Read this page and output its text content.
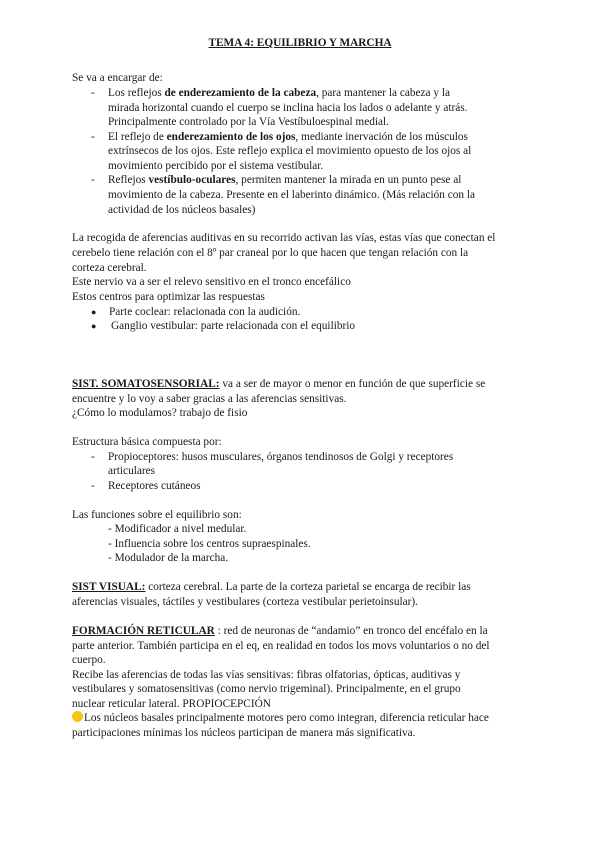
TEMA 4: EQUILIBRIO Y MARCHA
Se va a encargar de:
- Los reflejos de enderezamiento de la cabeza, para mantener la cabeza y la
mirada horizontal cuando el cuerpo se inclina hacia los lados o adelante y atrás.
Principalmente controlado por la Vía Vestíbuloespinal medial.
- El reflejo de enderezamiento de los ojos, mediante inervación de los músculos
extrínsecos de los ojos. Este reflejo explica el movimiento opuesto de los ojos al
movimiento percibido por el sistema vestibular.
- Reflejos vestíbulo-oculares, permiten mantener la mirada en un punto pese al
movimiento de la cabeza. Presente en el laberinto dinámico. (Más relación con la
actividad de los núcleos basales)
La recogida de aferencias auditivas en su recorrido activan las vías, estas vías que conectan el
cerebelo tiene relación con el 8º par craneal por lo que hacen que tengan relación con la
corteza cerebral.
Este nervio va a ser el relevo sensitivo en el tronco encefálico
Estos centros para optimizar las respuestas
● Parte coclear: relacionada con la audición.
● Ganglio vestibular: parte relacionada con el equilibrio
SIST. SOMATOSENSORIAL: va a ser de mayor o menor en función de que superficie se
encuentre y lo voy a saber gracias a las aferencias sensitivas.
¿Cómo lo modulamos? trabajo de fisio
Estructura básica compuesta por:
- Propioceptores: husos musculares, órganos tendinosos de Golgi y receptores
articulares
- Receptores cutáneos
Las funciones sobre el equilibrio son:
- Modificador a nivel medular.
- Influencia sobre los centros supraespinales.
- Modulador de la marcha.
SIST VISUAL: corteza cerebral. La parte de la corteza parietal se encarga de recibir las
aferencias visuales, táctiles y vestibulares (corteza vestibular perietoinsular).
FORMACIÓN RETICULAR : red de neuronas de “andamio” en tronco del encéfalo en la
parte anterior. También participa en el eq, en realidad en todos los movs voluntarios o no del
cuerpo.
Recibe las aferencias de todas las vías sensitivas: fibras olfatorias, ópticas, auditivas y
vestibulares y somatosensitivas (como nervio trigeminal). Principalmente, en el grupo
nuclear reticular lateral. PROPIOCEPCIÓN
Los núcleos basales principalmente motores pero como integran, diferencia reticular hace
participaciones mínimas los núcleos participan de manera más significativa.
